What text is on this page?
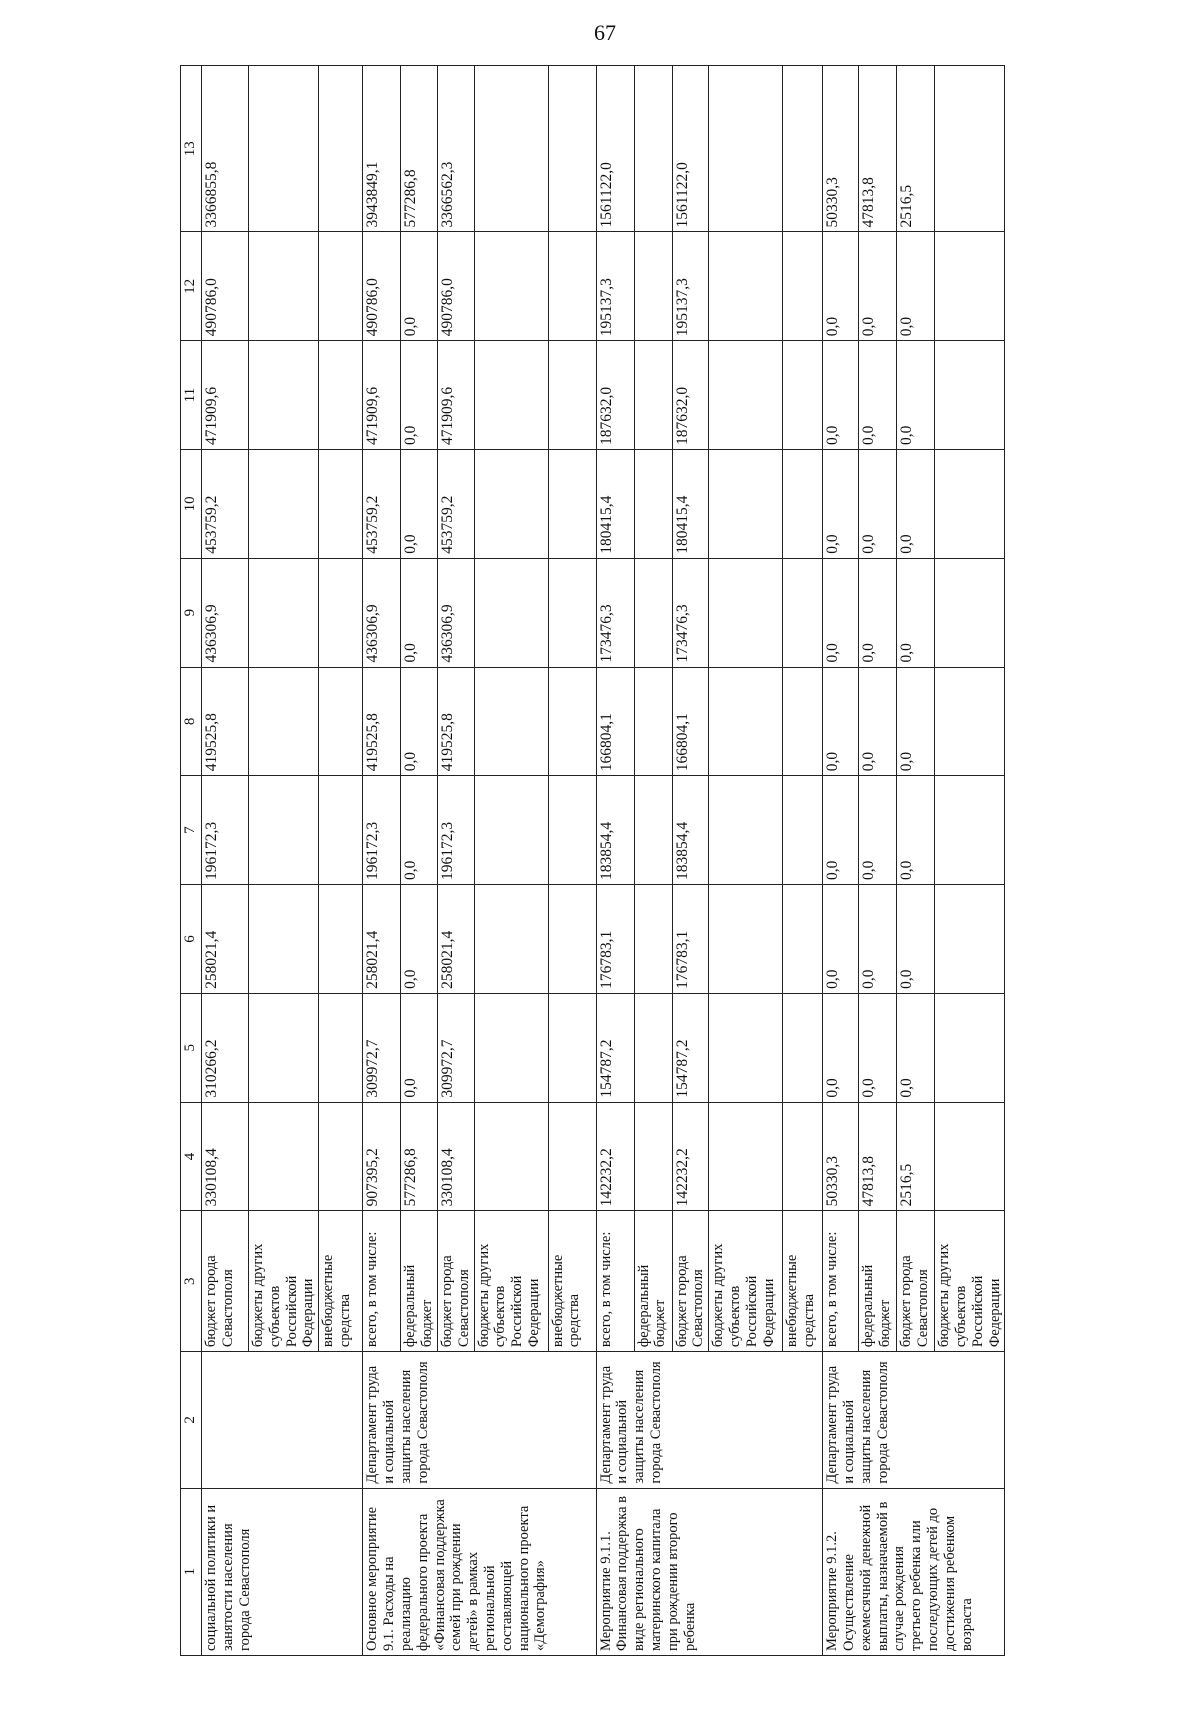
67
1	2	3	4	5	6	7	8	9	10	11	12	13
социальной политики и занятости населения города Севастополя		бюджет города Севастополя	330108,4	310266,2	258021,4	196172,3	419525,8	436306,9	453759,2	471909,6	490786,0	3366855,8
		бюджеты других субъектов Российской Федерации										
		внебюджетные средства										
Основное мероприятие 9.1. Расходы на реализацию федерального проекта «Финансовая поддержка семей при рождении детей» в рамках региональной составляющей национального проекта «Демография»	Департамент труда и социальной защиты населения города Севастополя	всего, в том числе:	907395,2	309972,7	258021,4	196172,3	419525,8	436306,9	453759,2	471909,6	490786,0	3943849,1
		федеральный бюджет	577286,8	0,0	0,0	0,0	0,0	0,0	0,0	0,0	0,0	577286,8
		бюджет города Севастополя	330108,4	309972,7	258021,4	196172,3	419525,8	436306,9	453759,2	471909,6	490786,0	3366562,3
		бюджеты других субъектов Российской Федерации										
		внебюджетные средства										
Мероприятие 9.1.1. Финансовая поддержка в виде регионального материнского капитала при рождении второго ребенка	Департамент труда и социальной защиты населения города Севастополя	всего, в том числе:	142232,2	154787,2	176783,1	183854,4	166804,1	173476,3	180415,4	187632,0	195137,3	1561122,0
		федеральный бюджет										
		бюджет города Севастополя	142232,2	154787,2	176783,1	183854,4	166804,1	173476,3	180415,4	187632,0	195137,3	1561122,0
		бюджеты других субъектов Российской Федерации										
		внебюджетные средства										
Мероприятие 9.1.2. Осуществление ежемесячной денежной выплаты, назначаемой в случае рождения третьего ребенка или последующих детей до достижения ребенком возраста	Департамент труда и социальной защиты населения города Севастополя	всего, в том числе:	50330,3	0,0	0,0	0,0	0,0	0,0	0,0	0,0	0,0	50330,3
		федеральный бюджет	47813,8	0,0	0,0	0,0	0,0	0,0	0,0	0,0	0,0	47813,8
		бюджет города Севастополя	2516,5	0,0	0,0	0,0	0,0	0,0	0,0	0,0	0,0	2516,5
		бюджеты других субъектов Российской Федерации										
